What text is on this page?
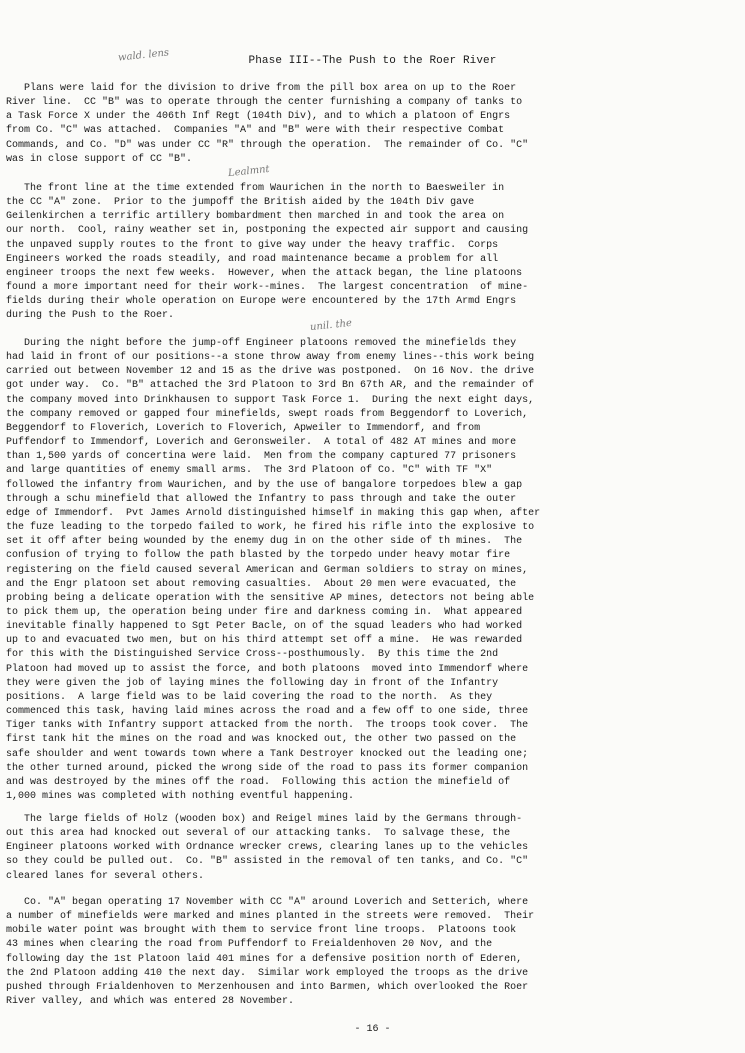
wald. lens	Phase III--The Push to the Roer River
Plans were laid for the division to drive from the pill box area on up to the Roer
River line.  CC "B" was to operate through the center furnishing a company of tanks to
a Task Force X under the 406th Inf Regt (104th Div), and to which a platoon of Engrs
from Co. "C" was attached.  Companies "A" and "B" were with their respective Combat
Commands, and Co. "D" was under CC "R" through the operation.  The remainder of Co. "C"
was in close support of CC "B".
Lealmnt
The front line at the time extended from Waurichen in the north to Baesweiler in
the CC "A" zone.  Prior to the jumpoff the British aided by the 104th Div gave
Geilenkirchen a terrific artillery bombardment then marched in and took the area on
our north.  Cool, rainy weather set in, postponing the expected air support and causing
the unpaved supply routes to the front to give way under the heavy traffic.  Corps
Engineers worked the roads steadily, and road maintenance became a problem for all
engineer troops the next few weeks.  However, when the attack began, the line platoons
found a more important need for their work--mines.  The largest concentration  of mine-
fields during their whole operation on Europe were encountered by the 17th Armd Engrs
during the Push to the Roer.
unil. the
During the night before the jump-off Engineer platoons removed the minefields they
had laid in front of our positions--a stone throw away from enemy lines--this work being
carried out between November 12 and 15 as the drive was postponed.  On 16 Nov. the drive
got under way.  Co. "B" attached the 3rd Platoon to 3rd Bn 67th AR, and the remainder of
the company moved into Drinkhausen to support Task Force 1.  During the next eight days,
the company removed or gapped four minefields, swept roads from Beggendorf to Loverich,
Beggendorf to Floverich, Loverich to Floverich, Apweiler to Immendorf, and from
Puffendorf to Immendorf, Loverich and Geronsweiler.  A total of 482 AT mines and more
than 1,500 yards of concertina were laid.  Men from the company captured 77 prisoners
and large quantities of enemy small arms.  The 3rd Platoon of Co. "C" with TF "X"
followed the infantry from Waurichen, and by the use of bangalore torpedoes blew a gap
through a schu minefield that allowed the Infantry to pass through and take the outer
edge of Immendorf.  Pvt James Arnold distinguished himself in making this gap when, after
the fuze leading to the torpedo failed to work, he fired his rifle into the explosive to
set it off after being wounded by the enemy dug in on the other side of th mines.  The
confusion of trying to follow the path blasted by the torpedo under heavy motar fire
registering on the field caused several American and German soldiers to stray on mines,
and the Engr platoon set about removing casualties.  About 20 men were evacuated, the
probing being a delicate operation with the sensitive AP mines, detectors not being able
to pick them up, the operation being under fire and darkness coming in.  What appeared
inevitable finally happened to Sgt Peter Bacle, on of the squad leaders who had worked
up to and evacuated two men, but on his third attempt set off a mine.  He was rewarded
for this with the Distinguished Service Cross--posthumously.  By this time the 2nd
Platoon had moved up to assist the force, and both platoons  moved into Immendorf where
they were given the job of laying mines the following day in front of the Infantry
positions.  A large field was to be laid covering the road to the north.  As they
commenced this task, having laid mines across the road and a few off to one side, three
Tiger tanks with Infantry support attacked from the north.  The troops took cover.  The
first tank hit the mines on the road and was knocked out, the other two passed on the
safe shoulder and went towards town where a Tank Destroyer knocked out the leading one;
the other turned around, picked the wrong side of the road to pass its former companion
and was destroyed by the mines off the road.  Following this action the minefield of
1,000 mines was completed with nothing eventful happening.
The large fields of Holz (wooden box) and Reigel mines laid by the Germans through-
out this area had knocked out several of our attacking tanks.  To salvage these, the
Engineer platoons worked with Ordnance wrecker crews, clearing lanes up to the vehicles
so they could be pulled out.  Co. "B" assisted in the removal of ten tanks, and Co. "C"
cleared lanes for several others.
Co. "A" began operating 17 November with CC "A" around Loverich and Setterich, where
a number of minefields were marked and mines planted in the streets were removed.  Their
mobile water point was brought with them to service front line troops.  Platoons took
43 mines when clearing the road from Puffendorf to Freialdenhoven 20 Nov, and the
following day the 1st Platoon laid 401 mines for a defensive position north of Ederen,
the 2nd Platoon adding 410 the next day.  Similar work employed the troops as the drive
pushed through Frialdenhoven to Merzenhousen and into Barmen, which overlooked the Roer
River valley, and which was entered 28 November.
- 16 -
